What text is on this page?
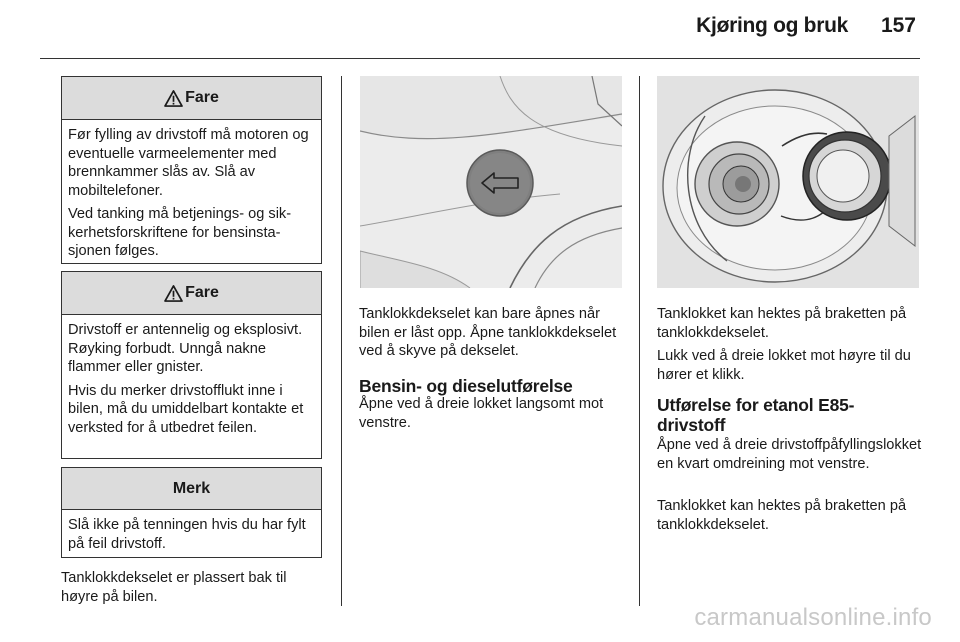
Kjøring og bruk 157
Fare

Før fylling av drivstoff må motoren og eventuelle varmeelementer med brennkammer slås av. Slå av mobiltelefoner.

Ved tanking må betjenings- og sikkerhetsforskriftene for bensinstasjonen følges.

Fare

Drivstoff er antennelig og eksplosivt. Røyking forbudt. Unngå nakne flammer eller gnister.

Hvis du merker drivstofflukt inne i bilen, må du umiddelbart kontakte et verksted for å utbedret feilen.

Merk

Slå ikke på tenningen hvis du har fylt på feil drivstoff.

Tanklokkdekselet er plassert bak til høyre på bilen.

Tanklokkdekselet kan bare åpnes når bilen er låst opp. Åpne tanklokkdekselet ved å skyve på dekselet.

Bensin- og dieselutførelse

Åpne ved å dreie lokket langsomt mot venstre.

Tanklokket kan hektes på braketten på tanklokkdekselet.

Lukk ved å dreie lokket mot høyre til du hører et klikk.

Utførelse for etanol E85-drivstoff

Åpne ved å dreie drivstoffpåfyllingslokket en kvart omdreining mot venstre.

Tanklokket kan hektes på braketten på tanklokkdekselet.

carmanualsonline.info
